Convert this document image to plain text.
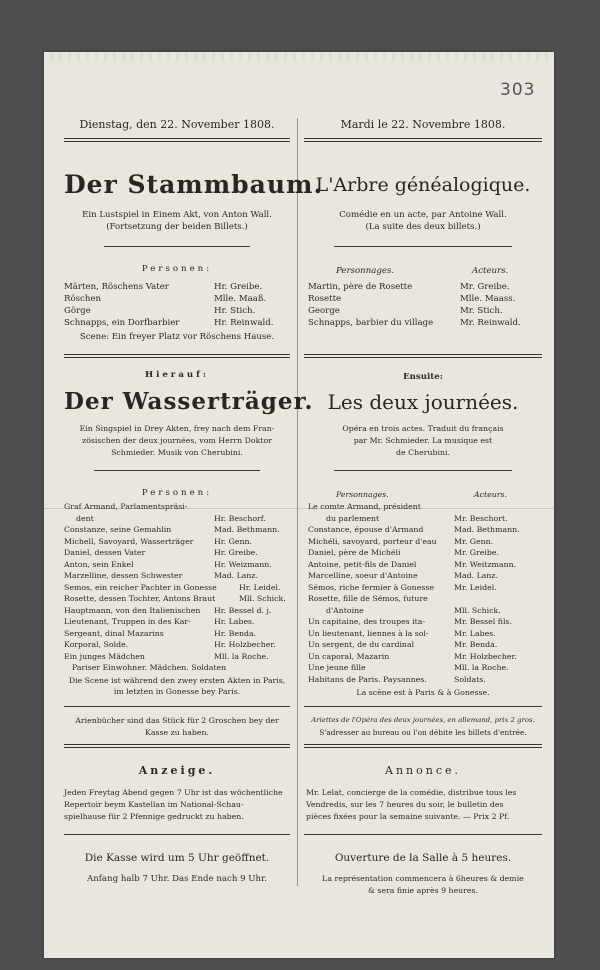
303
Dienstag, den 22. November 1808.
Der Stammbaum.
Ein Lustspiel in Einem Akt, von Anton Wall.
(Fortsetzung der beiden Billets.)
Personen:
Märten, Röschens Vater	Hr. Greibe.
Röschen	Mlle. Maaß.
Görge	Hr. Stich.
Schnapps, ein Dorfbarbier	Hr. Reinwald.
Scene: Ein freyer Platz vor Röschens Hause.
Hierauf:
Der Wasserträger.
Ein Singspiel in Drey Akten, frey nach dem Fran-
zösischen der deux journées, vom Herrn Doktor
Schmieder. Musik von Cherubini.
Personen:
Graf Armand, Parlamentspräsi-
dent	Hr. Beschorf.
Constanze, seine Gemahlin	Mad. Bethmann.
Michell, Savoyard, Wasserträger	Hr. Genn.
Daniel, dessen Vater	Hr. Greibe.
Anton, sein Enkel	Hr. Weizmann.
Marzelline, dessen Schwester	Mad. Lanz.
Semos, ein reicher Pachter in Gonesse	Hr. Leidel.
Rosette, dessen Tochter, Antons Braut	Mll. Schick.
Hauptmann, von den Italienischen Hr. Bessel d. j.
Lieutenant, Truppen in des Kar-	Hr. Labes.
Sergeant, dinal Mazarins	Hr. Benda.
Korporal, Solde.	Hr. Holzbecher.
Ein junges Mädchen	Mll. la Roche.
Pariser Einwohner. Mädchen. Soldaten
Die Scene ist während den zwey ersten Akten in Paris,
im letzten in Gonesse bey Paris.
Arienbücher sind das Stück für 2 Groschen bey der
Kasse zu haben.
Anzeige.
Jeden Freytag Abend gegen 7 Uhr ist das wöchentliche
Repertoir beym Kastellan im National-Schau-
spielhause für 2 Pfennige gedruckt zu haben.
Die Kasse wird um 5 Uhr geöffnet.
Anfang halb 7 Uhr. Das Ende nach 9 Uhr.
Mardi le 22. Novembre 1808.
L'Arbre généalogique.
Comédie en un acte, par Antoine Wall.
(La suite des deux billets.)
Personnages.	Acteurs.
Martin, père de Rosette	Mr. Greibe.
Rosette	Mlle. Maass.
George	Mr. Stich.
Schnapps, barbier du village	Mr. Reinwald.
Ensuite:
Les deux journées.
Opéra en trois actes. Traduit du français
par Mr. Schmieder. La musique est
de Cherubini.
Personnages.	Acteurs.
Le comte Armand, président
du parlement	Mr. Beschort.
Constance, épouse d'Armand	Mad. Bethmann.
Michéli, savoyard, porteur d'eau Mr. Genn.
Daniel, père de Michéli	Mr. Greibe.
Antoine, petit-fils de Daniel	Mr. Weitzmann.
Marcelline, soeur d'Antoine	Mad. Lanz.
Sémos, riche fermier à Gonesse	Mr. Leidel.
Rosette, fille de Sémos, future
d'Antoine	Mll. Schick.
Un capitaine, des troupes ita-	Mr. Bessel fils.
Un lieutenant, liennes à la sol-	Mr. Labes.
Un sergent, de du cardinal	Mr. Benda.
Un caporal, Mazarin	Mr. Holzbecher.
Une jeune fille	Mll. la Roche.
Habitans de Paris. Paysannes.	Soldats.
La scène est à Paris & à Gonesse.
Ariettes de l'Opéra des deux journées, en allemand, prix 2 gros.
S'adresser au bureau ou l'on débite les billets d'entrée.
Annonce.
Mr. Lelat, concierge de la comédie, distribue tous les
Vendredis, sur les 7 heures du soir, le bulletin des
pièces fixées pour la semaine suivante. — Prix 2 Pf.
Ouverture de la Salle à 5 heures.
La représentation commencera à 6heures & demie
& sera finie après 9 heures.
